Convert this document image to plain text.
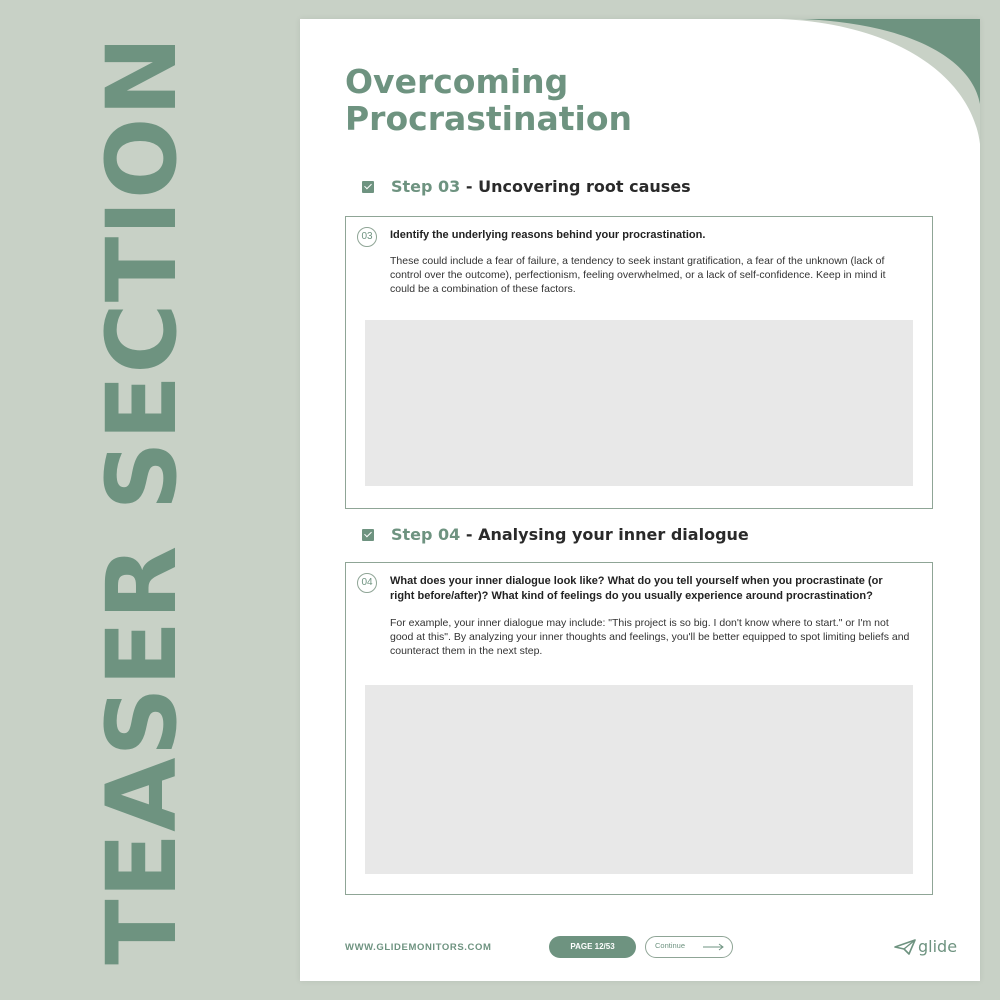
TEASER SECTION	Overcoming Procrastination
Step 03 - Uncovering root causes
03	Identify the underlying reasons behind your procrastination.

These could include a fear of failure, a tendency to seek instant gratification, a fear of the unknown (lack of control over the outcome), perfectionism, feeling overwhelmed, or a lack of self-confidence. Keep in mind it could be a combination of these factors.

Step 04 - Analysing your inner dialogue
04	What does your inner dialogue look like? What do you tell yourself when you procrastinate (or right before/after)? What kind of feelings do you usually experience around procrastination?

For example, your inner dialogue may include: "This project is so big. I don't know where to start." or I'm not good at this". By analyzing your inner thoughts and feelings, you'll be better equipped to spot limiting beliefs and counteract them in the next step.

WWW.GLIDEMONITORS.COM	PAGE 12/53	Continue	glide
